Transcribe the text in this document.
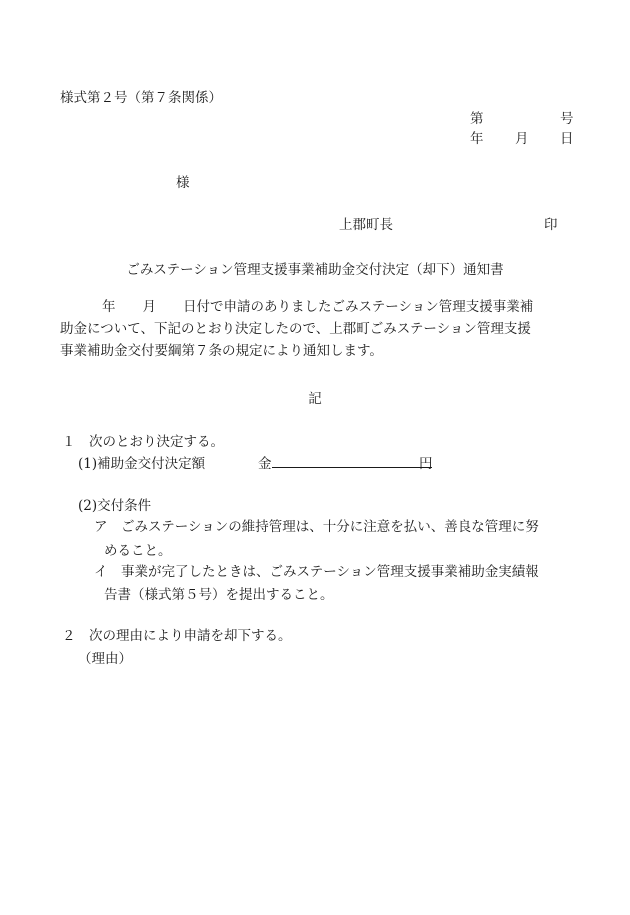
様式第２号（第７条関係）
第	号
年 月 日
様
上郡町長	印
ごみステーション管理支援事業補助金交付決定（却下）通知書

年　　月　　日付で申請のありましたごみステーション管理支援事業補

助金について、下記のとおり決定したので、上郡町ごみステーション管理支援

事業補助金交付要綱第７条の規定により通知します。

記
１　次のとおり決定する。
(1)補助金交付決定額	金	円
(2)交付条件
ア　ごみステーションの維持管理は、十分に注意を払い、善良な管理に努
めること。
イ　事業が完了したときは、ごみステーション管理支援事業補助金実績報
告書（様式第５号）を提出すること。
２　次の理由により申請を却下する。
（理由）
